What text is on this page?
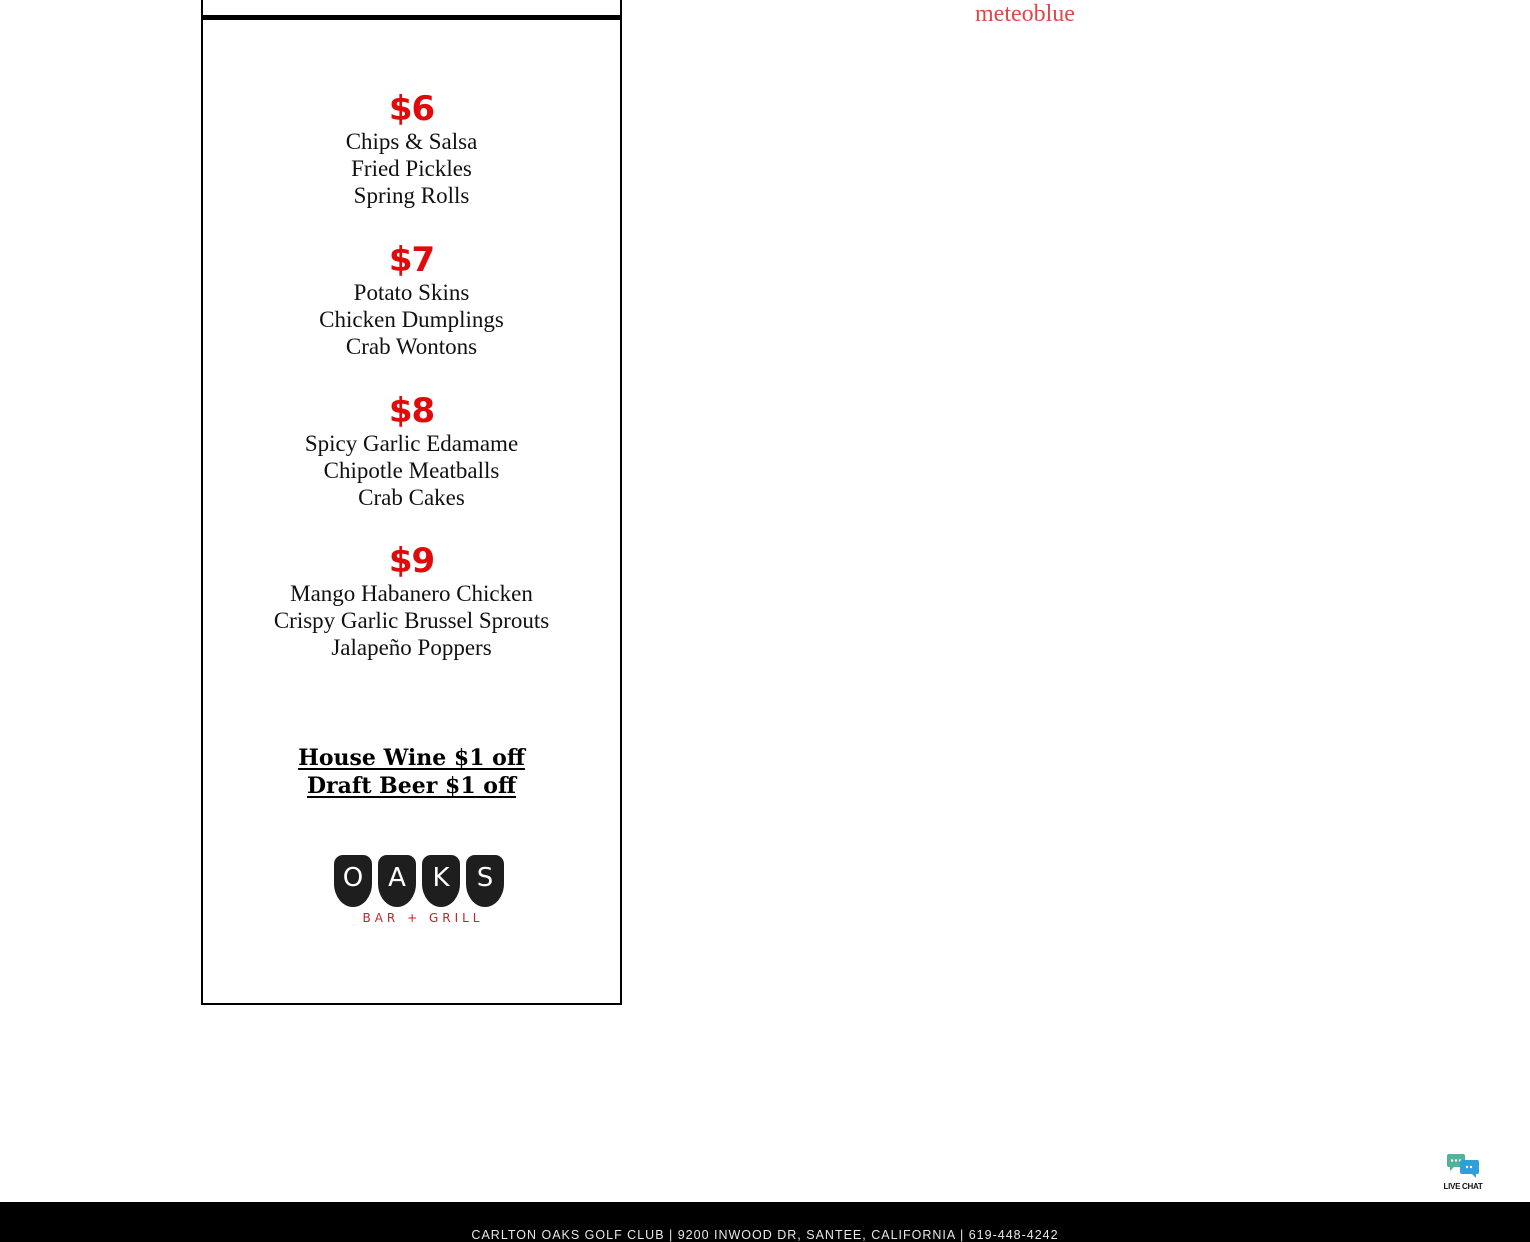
$6
Chips & Salsa
Fried Pickles
Spring Rolls
$7
Potato Skins
Chicken Dumplings
Crab Wontons
$8
Spicy Garlic Edamame
Chipotle Meatballs
Crab Cakes
$9
Mango Habanero Chicken
Crispy Garlic Brussel Sprouts
Jalapeño Poppers
House Wine $1 off
Draft Beer $1 off
O A	K	S
BAR + GRILL
meteoblue
LIVE CHAT
CARLTON OAKS GOLF CLUB | 9200 INWOOD DR, SANTEE, CALIFORNIA | 619-448-4242
